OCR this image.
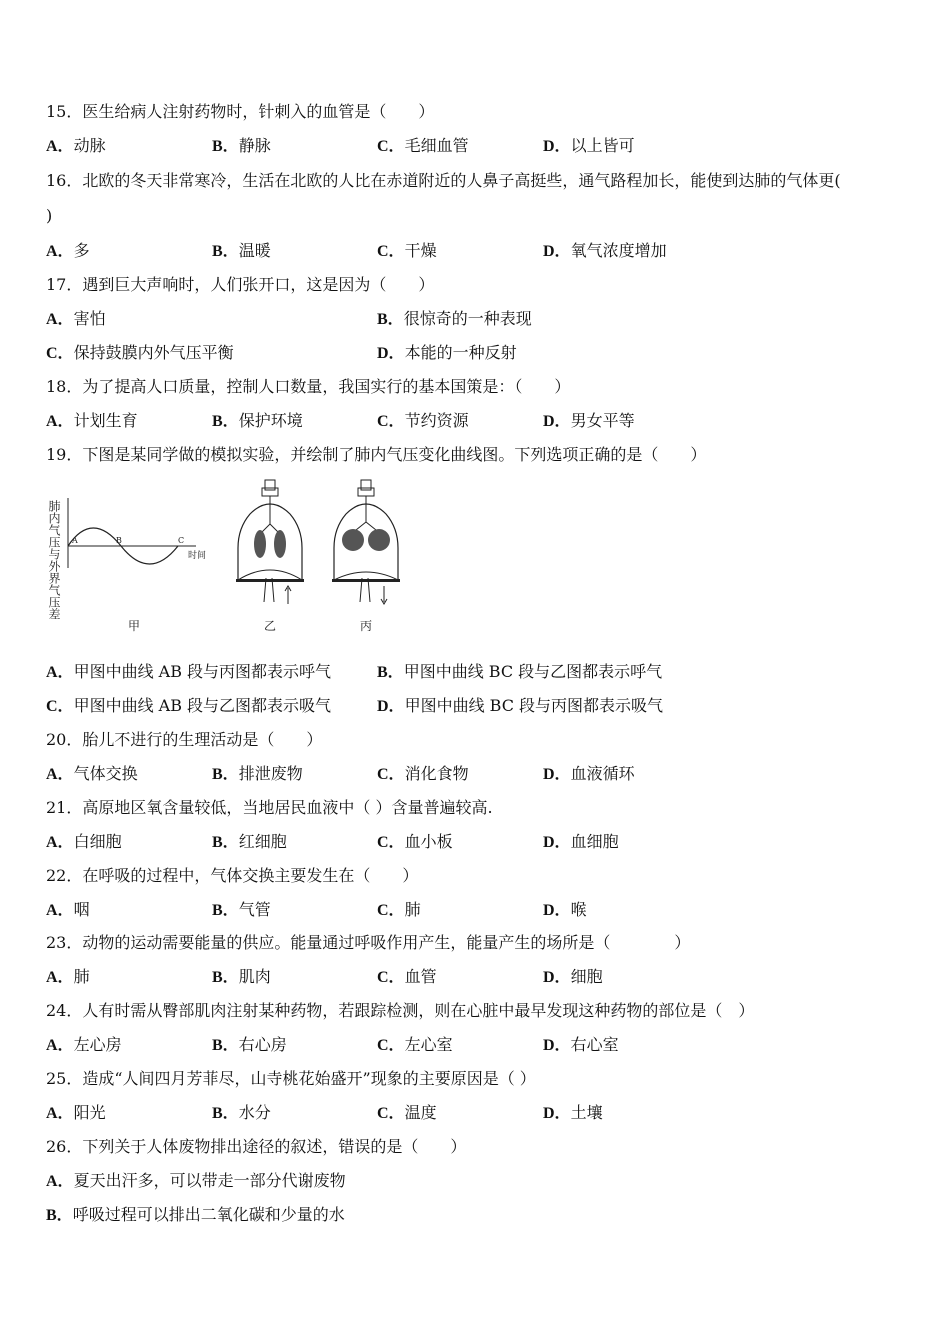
15．医生给病人注射药物时，针刺入的血管是（　　）
A．动脉	B．静脉	C．毛细血管	D．以上皆可
16．北欧的冬天非常寒冷，生活在北欧的人比在赤道附近的人鼻子高挺些，通气路程加长，能使到达肺的气体更(
)
A．多	B．温暖	C．干燥	D．氧气浓度增加
17．遇到巨大声响时，人们张开口，这是因为（　　）
A．害怕	B．很惊奇的一种表现
C．保持鼓膜内外气压平衡	D．本能的一种反射
18．为了提高人口质量，控制人口数量，我国实行的基本国策是：（　　）
A．计划生育	B．保护环境	C．节约资源	D．男女平等
19．下图是某同学做的模拟实验，并绘制了肺内气压变化曲线图。下列选项正确的是（　　）
肺内气压与外界气压差	时间
A	B	C
甲	乙	丙
A．甲图中曲线 AB 段与丙图都表示呼气	B．甲图中曲线 BC 段与乙图都表示呼气
C．甲图中曲线 AB 段与乙图都表示吸气	D．甲图中曲线 BC 段与丙图都表示吸气
20．胎儿不进行的生理活动是（　　）
A．气体交换	B．排泄废物	C．消化食物	D．血液循环
21．高原地区氧含量较低，当地居民血液中（ ）含量普遍较高.
A．白细胞	B．红细胞	C．血小板	D．血细胞
22．在呼吸的过程中，气体交换主要发生在（　　）
A．咽	B．气管	C．肺	D．喉
23．动物的运动需要能量的供应。能量通过呼吸作用产生，能量产生的场所是（　　　　）
A．肺	B．肌肉	C．血管	D．细胞
24．人有时需从臀部肌肉注射某种药物，若跟踪检测，则在心脏中最早发现这种药物的部位是（　）
A．左心房	B．右心房	C．左心室	D．右心室
25．造成“人间四月芳菲尽，山寺桃花始盛开”现象的主要原因是（ ）
A．阳光	B．水分	C．温度	D．土壤
26．下列关于人体废物排出途径的叙述，错误的是（　　）
A．夏天出汗多，可以带走一部分代谢废物
B．呼吸过程可以排出二氧化碳和少量的水
